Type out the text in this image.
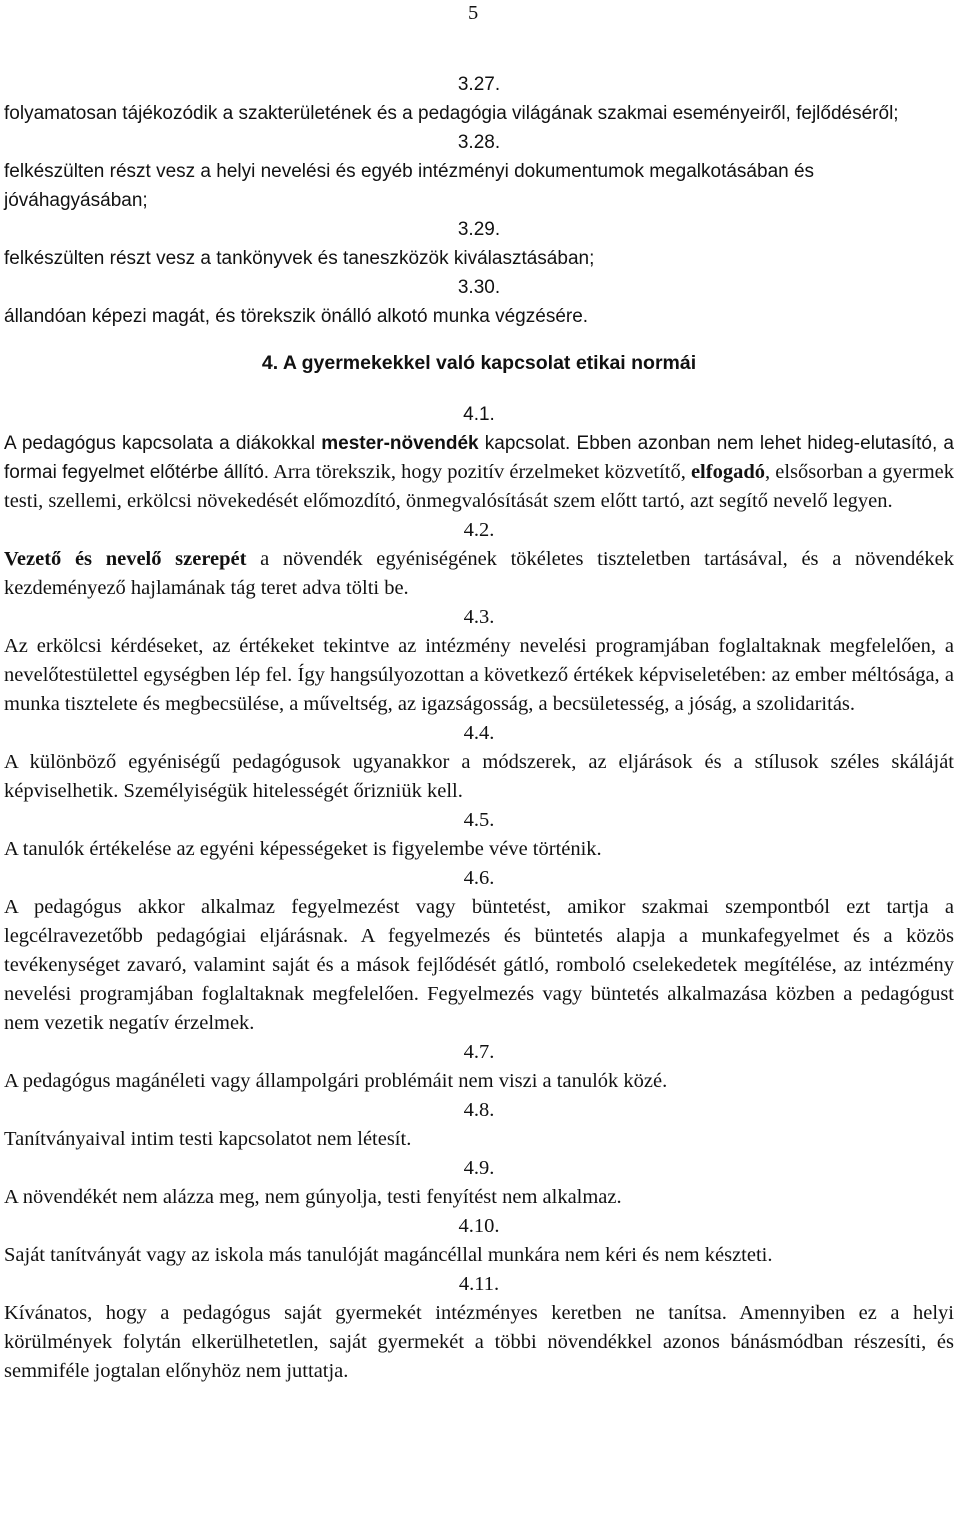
5

3.27.

folyamatosan tájékozódik a szakterületének és a pedagógia világának szakmai eseményeiről, fejlődéséről;

3.28.

felkészülten részt vesz a helyi nevelési és egyéb intézményi dokumentumok megalkotásában és jóváhagyásában;

3.29.

felkészülten részt vesz a tankönyvek és taneszközök kiválasztásában;

3.30.

állandóan képezi magát, és törekszik önálló alkotó munka végzésére.

4. A gyermekekkel való kapcsolat etikai normái

4.1.

A pedagógus kapcsolata a diákokkal mester-növendék kapcsolat. Ebben azonban nem lehet hideg-elutasító, a formai fegyelmet előtérbe állító. Arra törekszik, hogy pozitív érzelmeket közvetítő, elfogadó, elsősorban a gyermek testi, szellemi, erkölcsi növekedését előmozdító, önmegvalósítását szem előtt tartó, azt segítő nevelő legyen.

4.2.

Vezető és nevelő szerepét a növendék egyéniségének tökéletes tiszteletben tartásával, és a növendékek kezdeményező hajlamának tág teret adva tölti be.

4.3.

Az erkölcsi kérdéseket, az értékeket tekintve az intézmény nevelési programjában foglaltaknak megfelelően, a nevelőtestülettel egységben lép fel. Így hangsúlyozottan a következő értékek képviseletében: az ember méltósága, a munka tisztelete és megbecsülése, a műveltség, az igazságosság, a becsületesség, a jóság, a szolidaritás.

4.4.

A különböző egyéniségű pedagógusok ugyanakkor a módszerek, az eljárások és a stílusok széles skáláját képviselhetik. Személyiségük hitelességét őrizniük kell.

4.5.

A tanulók értékelése az egyéni képességeket is figyelembe véve történik.

4.6.

A pedagógus akkor alkalmaz fegyelmezést vagy büntetést, amikor szakmai szempontból ezt tartja a legcélravezetőbb pedagógiai eljárásnak. A fegyelmezés és büntetés alapja a munkafegyelmet és a közös tevékenységet zavaró, valamint saját és a mások fejlődését gátló, romboló cselekedetek megítélése, az intézmény nevelési programjában foglaltaknak megfelelően. Fegyelmezés vagy büntetés alkalmazása közben a pedagógust nem vezetik negatív érzelmek.

4.7.

A pedagógus magánéleti vagy állampolgári problémáit nem viszi a tanulók közé.

4.8.

Tanítványaival intim testi kapcsolatot nem létesít.

4.9.

A növendékét nem alázza meg, nem gúnyolja, testi fenyítést nem alkalmaz.

4.10.

Saját tanítványát vagy az iskola más tanulóját magáncéllal munkára nem kéri és nem készteti.

4.11.

Kívánatos, hogy a pedagógus saját gyermekét intézményes keretben ne tanítsa. Amennyiben ez a helyi körülmények folytán elkerülhetetlen, saját gyermekét a többi növendékkel azonos bánásmódban részesíti, és semmiféle jogtalan előnyhöz nem juttatja.
